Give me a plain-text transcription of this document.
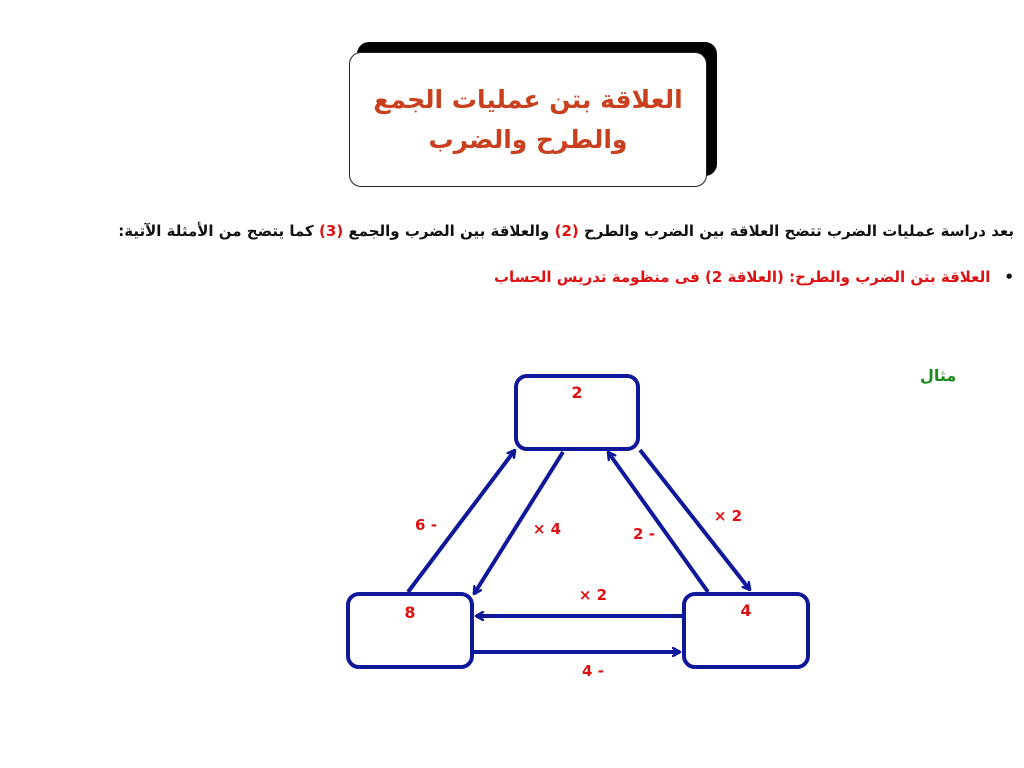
العلاقة بتن عمليات الجمع والطرح والضرب
بعد دراسة عمليات الضرب تتضح العلاقة بين الضرب والطرح (2) والعلاقة بين الضرب والجمع (3) كما يتضح من الأمثلة الآتية:
•العلاقة بتن الضرب والطرح: (العلاقة 2) فى منظومة تدريس الحساب
مثال
2
8	4
6 -	× 4	2 -
× 2
× 2
4 -
